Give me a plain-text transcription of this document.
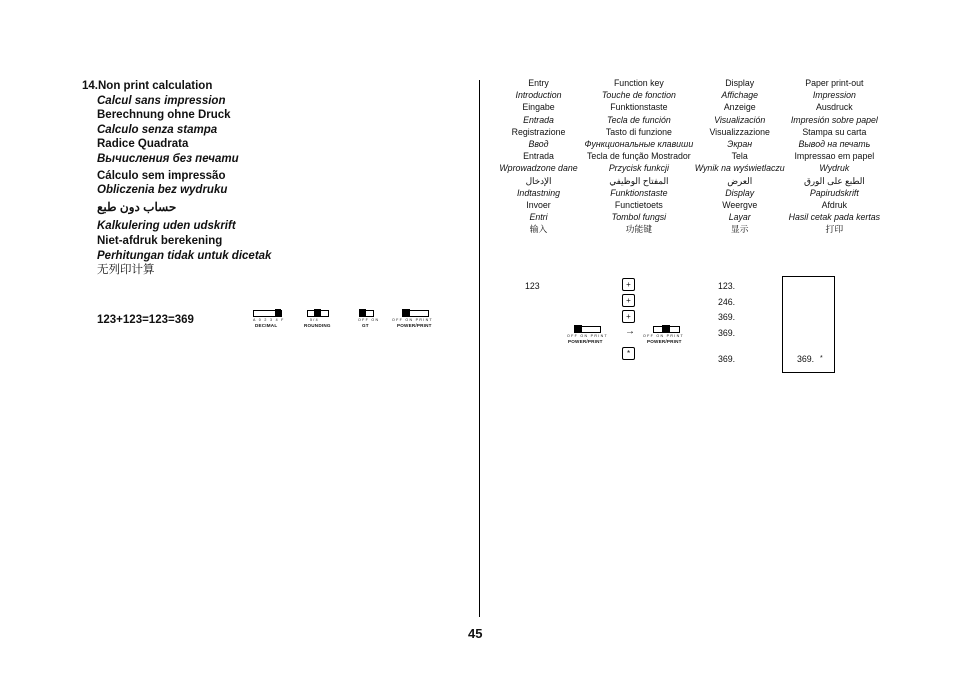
14.Non print calculation
Calcul sans impression
Berechnung ohne Druck
Calculo senza stampa
Radice Quadrata
Вычисления без печати
Cálculo sem impressão
Obliczenia bez wydruku
حساب دون طبع
Kalkulering uden udskrift
Niet-afdruk berekening
Perhitungan tidak untuk dicetak
无列印计算
123+123=123=369	A 0 2 3 4 F
DECIMAL
5/4
ROUNDING
OFF ON
GT
OFF ON PRINT
POWER/PRINT
Entry	Function key	Display	Paper print-out
Introduction	Touche de fonction	Affichage	Impression
Eingabe	Funktionstaste	Anzeige	Ausdruck
Entrada	Tecla de función	Visualización	Impresión sobre papel
Registrazione	Tasto di funzione	Visualizzazione	Stampa su carta
Ввод	Функциональные клавиши	Экран	Вывод на печать
Entrada	Tecla de função Mostrador	Tela	Impressao em papel
Wprowadzone dane	Przycisk funkcji	Wynik na wyświetlaczu	Wydruk
الإدخال	المفتاح الوظيفي	العرض	الطبع على الورق
Indtastning	Funktionstaste	Display	Papirudskrift
Invoer	Functietoets	Weergve	Afdruk
Entri	Tombol fungsi	Layar	Hasil cetak pada kertas
输入	功能键	显示	打印
123	+
+
+
*
→
OFF ON PRINT
POWER/PRINT
OFF ON PRINT
POWER/PRINT
123.
246.
369.
369.
369.	369. *
45
